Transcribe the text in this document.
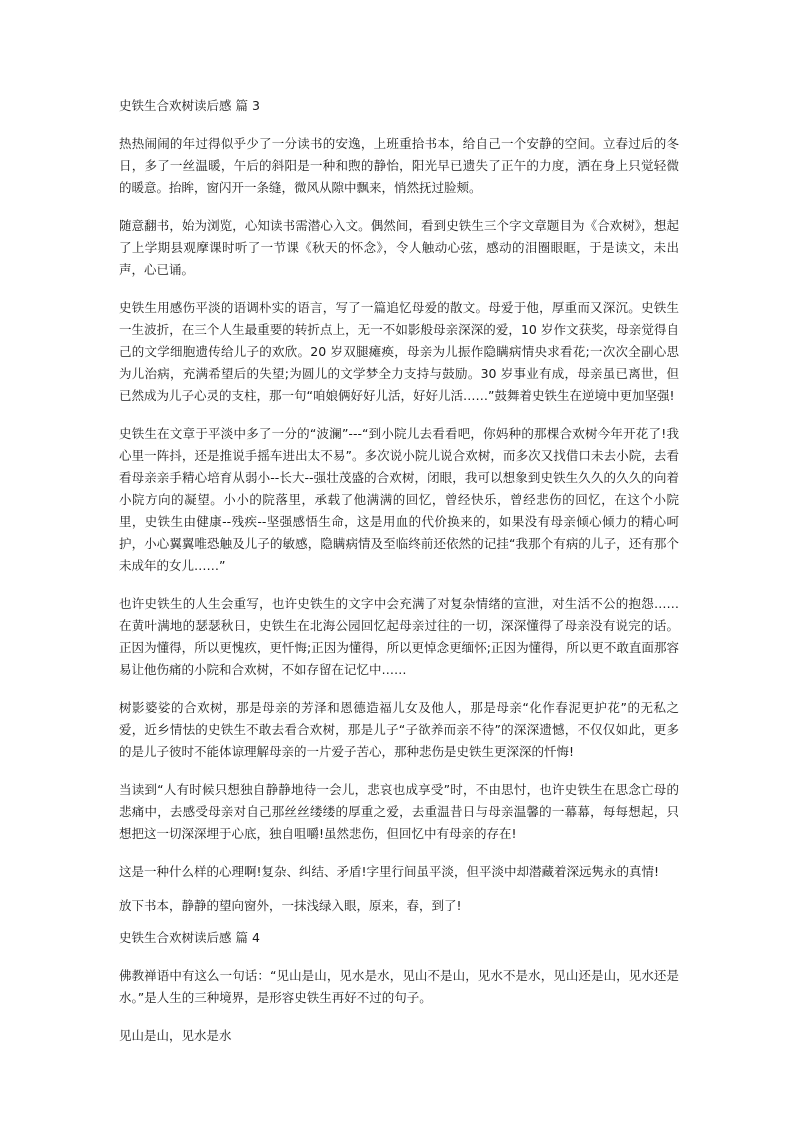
史铁生合欢树读后感 篇 3

热热闹闹的年过得似乎少了一分读书的安逸，上班重拾书本，给自己一个安静的空间。立春过后的冬日，多了一丝温暖，午后的斜阳是一种和煦的静怡，阳光早已遗失了正午的力度，洒在身上只觉轻微的暖意。抬眸，窗闪开一条缝，微风从隙中飘来，悄然抚过脸颊。

随意翻书，始为浏览，心知读书需潜心入文。偶然间，看到史铁生三个字文章题目为《合欢树》，想起了上学期县观摩课时听了一节课《秋天的怀念》，令人触动心弦，感动的泪圈眼眶，于是读文，未出声，心已诵。

史铁生用感伤平淡的语调朴实的语言，写了一篇追忆母爱的散文。母爱于他，厚重而又深沉。史铁生一生波折，在三个人生最重要的转折点上，无一不如影般母亲深深的爱，10 岁作文获奖，母亲觉得自己的文学细胞遗传给儿子的欢欣。20 岁双腿瘫痪，母亲为儿振作隐瞒病情央求看花;一次次全副心思为儿治病，充满希望后的失望;为圆儿的文学梦全力支持与鼓励。30 岁事业有成，母亲虽已离世，但已然成为儿子心灵的支柱，那一句“咱娘俩好好儿活，好好儿活……”鼓舞着史铁生在逆境中更加坚强!

史铁生在文章于平淡中多了一分的“波澜”---“到小院儿去看看吧，你妈种的那棵合欢树今年开花了!我心里一阵抖，还是推说手摇车进出太不易”。多次说小院儿说合欢树，而多次又找借口未去小院，去看看母亲亲手精心培育从弱小--长大--强壮茂盛的合欢树，闭眼，我可以想象到史铁生久久的久久的向着小院方向的凝望。小小的院落里，承载了他满满的回忆，曾经快乐，曾经悲伤的回忆，在这个小院里，史铁生由健康--残疾--坚强感悟生命，这是用血的代价换来的，如果没有母亲倾心倾力的精心呵护，小心翼翼唯恐触及儿子的敏感，隐瞒病情及至临终前还依然的记挂“我那个有病的儿子，还有那个未成年的女儿……”

也许史铁生的人生会重写，也许史铁生的文字中会充满了对复杂情绪的宣泄，对生活不公的抱怨……在黄叶满地的瑟瑟秋日，史铁生在北海公园回忆起母亲过往的一切，深深懂得了母亲没有说完的话。正因为懂得，所以更愧疚，更忏悔;正因为懂得，所以更悼念更缅怀;正因为懂得，所以更不敢直面那容易让他伤痛的小院和合欢树，不如存留在记忆中……

树影婆娑的合欢树，那是母亲的芳泽和恩德造福儿女及他人，那是母亲“化作春泥更护花”的无私之爱，近乡情怯的史铁生不敢去看合欢树，那是儿子“子欲养而亲不待”的深深遗憾，不仅仅如此，更多的是儿子彼时不能体谅理解母亲的一片爱子苦心，那种悲伤是史铁生更深深的忏悔!

当读到“人有时候只想独自静静地待一会儿，悲哀也成享受”时，不由思忖，也许史铁生在思念亡母的悲痛中，去感受母亲对自己那丝丝缕缕的厚重之爱，去重温昔日与母亲温馨的一幕幕，每每想起，只想把这一切深深埋于心底，独自咀嚼!虽然悲伤，但回忆中有母亲的存在!

这是一种什么样的心理啊!复杂、纠结、矛盾!字里行间虽平淡，但平淡中却潜藏着深远隽永的真情!

放下书本，静静的望向窗外，一抹浅绿入眼，原来，春，到了!

史铁生合欢树读后感 篇 4

佛教禅语中有这么一句话：“见山是山，见水是水，见山不是山，见水不是水，见山还是山，见水还是水。”是人生的三种境界，是形容史铁生再好不过的句子。

见山是山，见水是水
